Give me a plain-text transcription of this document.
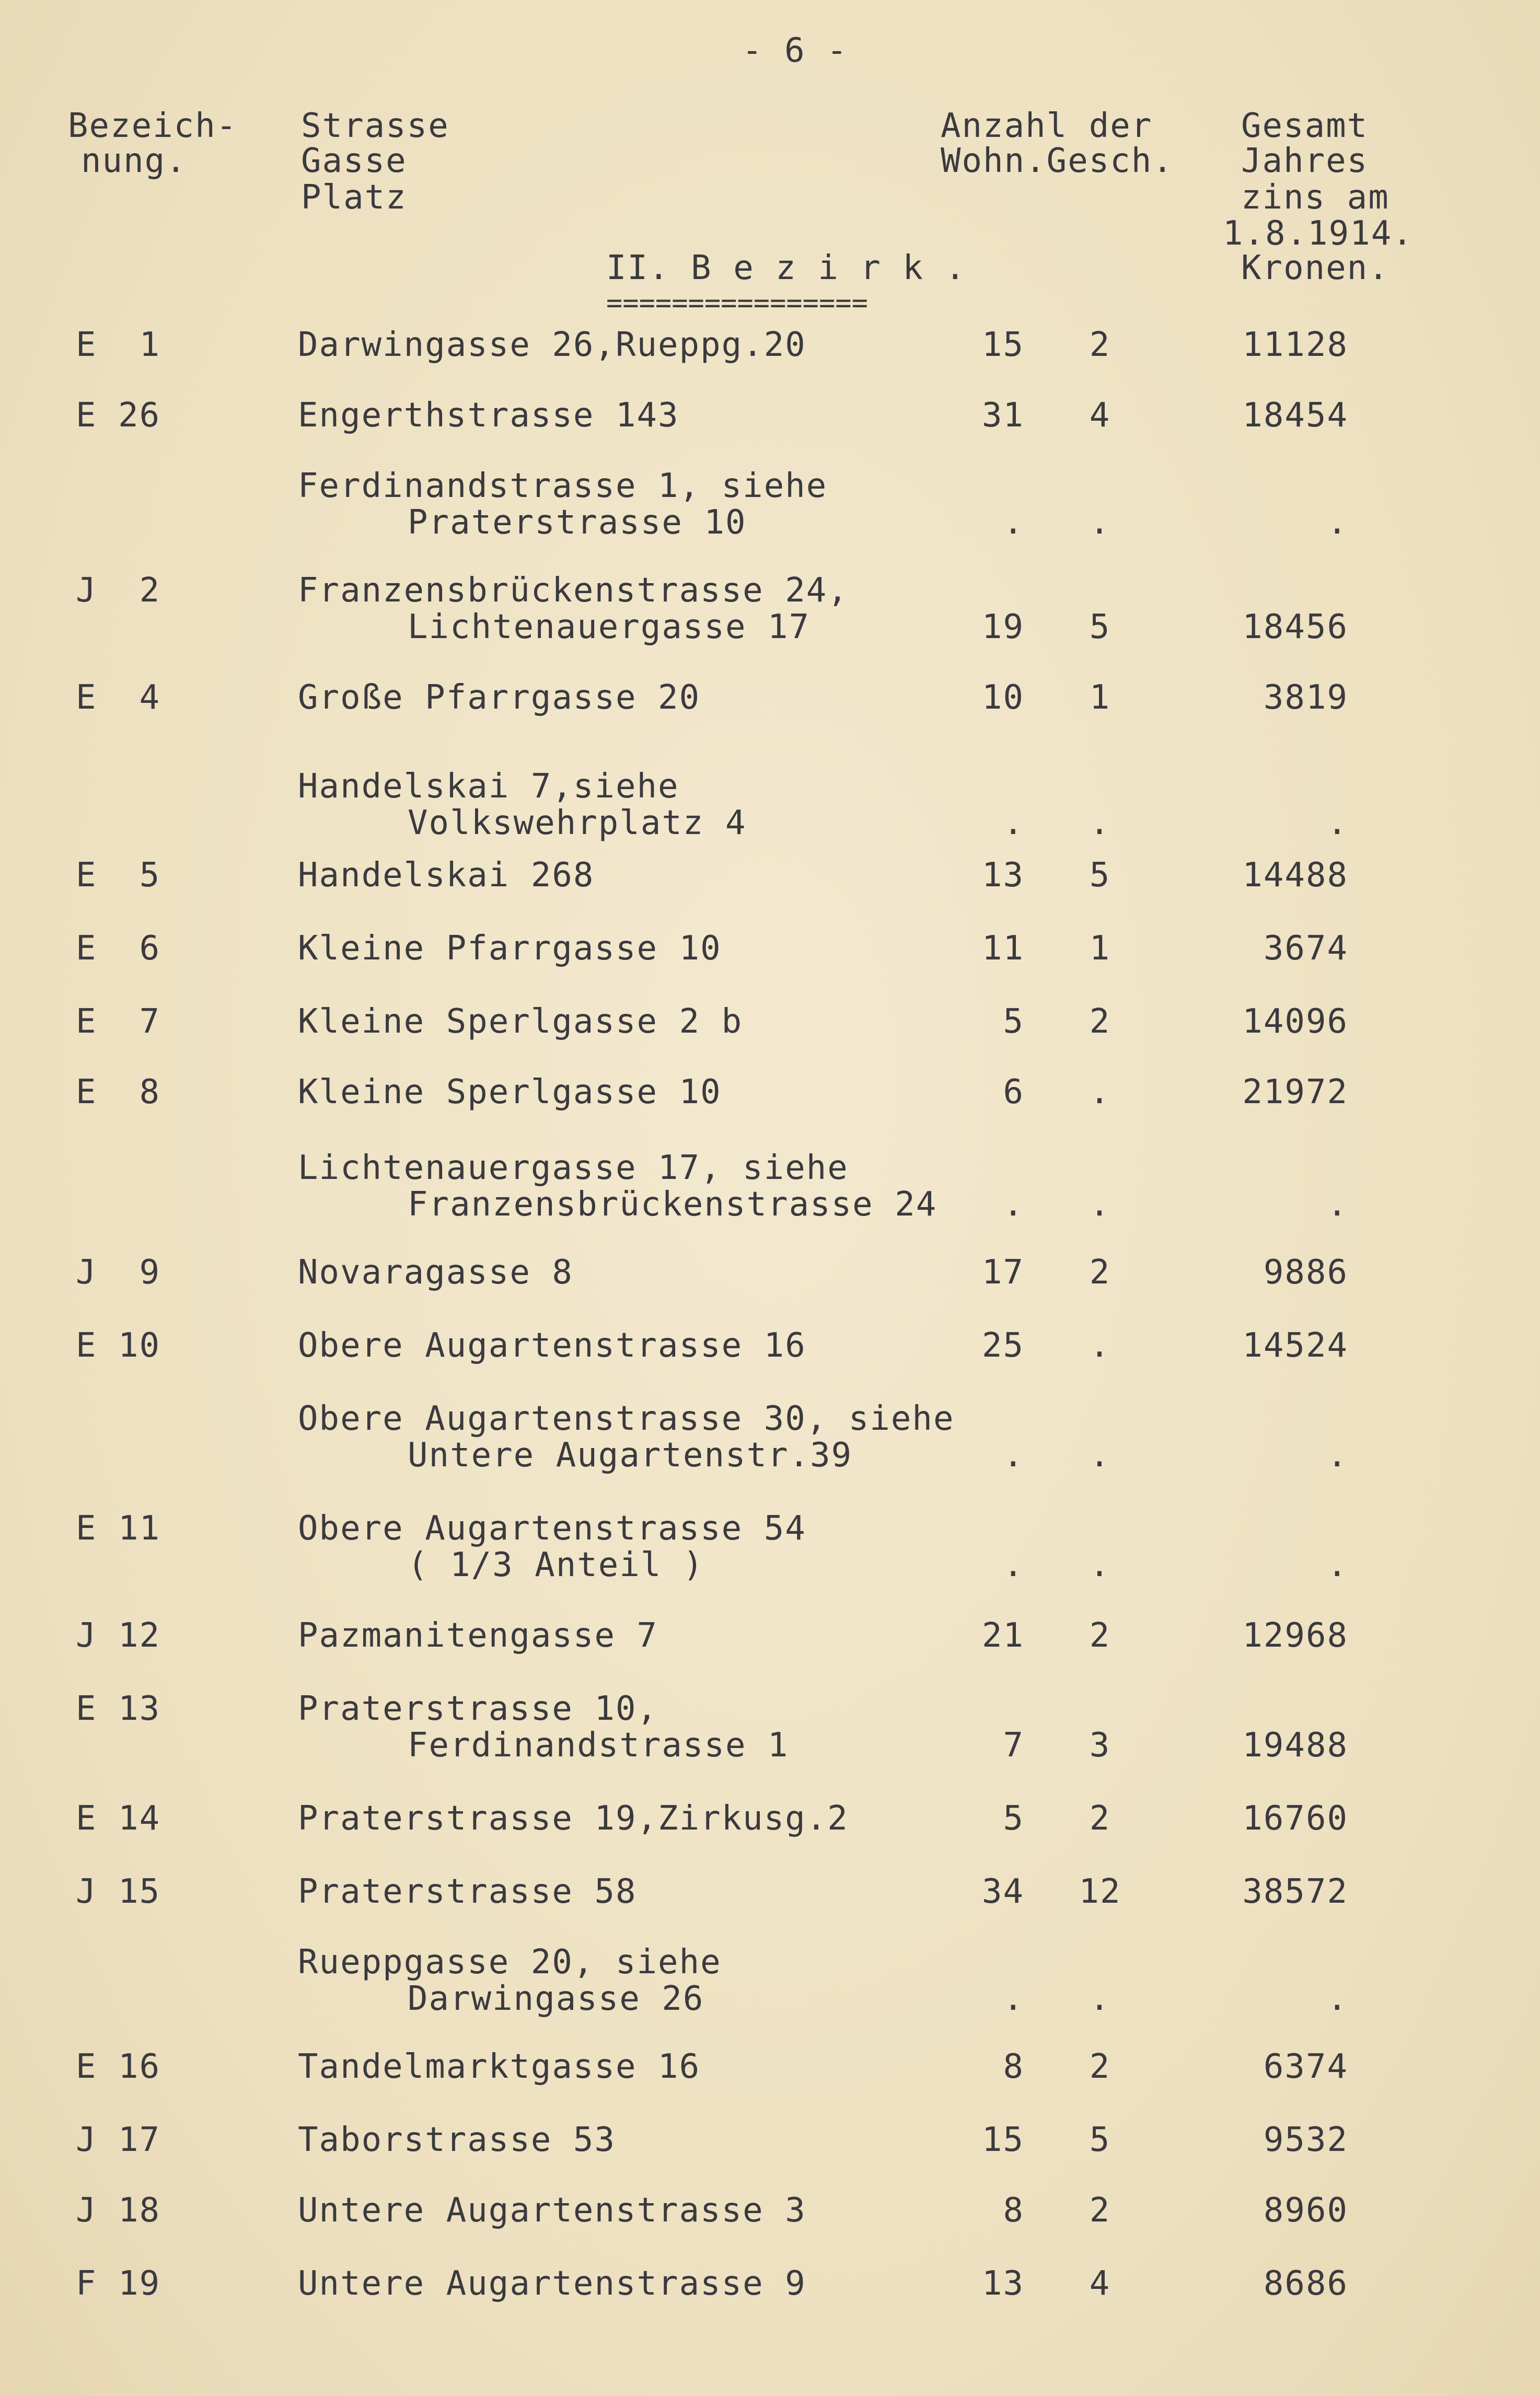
- 6 -
Bezeich-
nung.
Strasse
Gasse
Platz
Anzahl der
Wohn.Gesch.
Gesamt
Jahres
zins am
1.8.1914.
Kronen.
II. B e z i r k .
================
E  1	Darwingasse 26,Rueppg.20	15	2	11128
E 26	Engerthstrasse 143	31	4	18454
Ferdinandstrasse 1, siehe
Praterstrasse 10	.	.	.
J  2	Franzensbrückenstrasse 24,
Lichtenauergasse 17	19	5	18456
E  4	Große Pfarrgasse 20	10	1	3819
Handelskai 7,siehe
Volkswehrplatz 4	.	.	.
E  5	Handelskai 268	13	5	14488
E  6	Kleine Pfarrgasse 10	11	1	3674
E  7	Kleine Sperlgasse 2 b	5	2	14096
E  8	Kleine Sperlgasse 10	6	.	21972
Lichtenauergasse 17, siehe
Franzensbrückenstrasse 24	.	.	.
J  9	Novaragasse 8	17	2	9886
E 10	Obere Augartenstrasse 16	25	.	14524
Obere Augartenstrasse 30, siehe
Untere Augartenstr.39	.	.	.
E 11	Obere Augartenstrasse 54
( 1/3 Anteil )	.	.	.
J 12	Pazmanitengasse 7	21	2	12968
E 13	Praterstrasse 10,
Ferdinandstrasse 1	7	3	19488
E 14	Praterstrasse 19,Zirkusg.2	5	2	16760
J 15	Praterstrasse 58	34	12	38572
Rueppgasse 20, siehe
Darwingasse 26	.	.	.
E 16	Tandelmarktgasse 16	8	2	6374
J 17	Taborstrasse 53	15	5	9532
J 18	Untere Augartenstrasse 3	8	2	8960
F 19	Untere Augartenstrasse 9	13	4	8686
